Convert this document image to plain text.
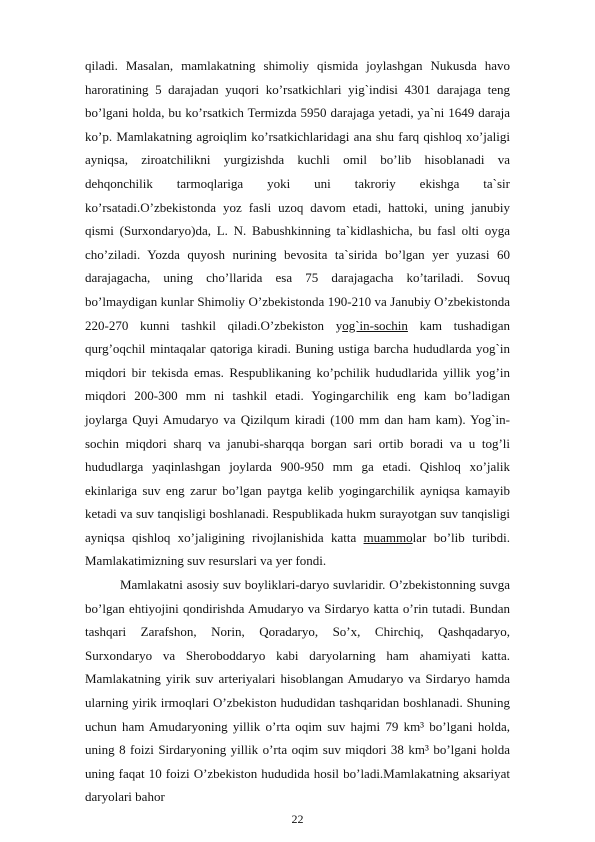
qiladi. Masalan, mamlakatning shimoliy qismida joylashgan Nukusda havo haroratining 5 darajadan yuqori ko’rsatkichlari yig`indisi 4301 darajaga teng bo’lgani holda, bu ko’rsatkich Termizda 5950 darajaga yetadi, ya`ni 1649 daraja ko’p. Mamlakatning agroiqlim ko’rsatkichlaridagi ana shu farq qishloq xo’jaligi ayniqsa, ziroatchilikni yurgizishda kuchli omil bo’lib hisoblanadi va dehqonchilik tarmoqlariga yoki uni takroriy ekishga ta`sir ko’rsatadi.O’zbekistonda yoz fasli uzoq davom etadi, hattoki, uning janubiy qismi (Surxondaryo)da, L. N. Babushkinning ta`kidlashicha, bu fasl olti oyga cho’ziladi. Yozda quyosh nurining bevosita ta`sirida bo’lgan yer yuzasi 60 darajagacha, uning cho’llarida esa 75 darajagacha ko’tariladi. Sovuq bo’lmaydigan kunlar Shimoliy O’zbekistonda 190-210 va Janubiy O’zbekistonda 220-270 kunni tashkil qiladi.O’zbekiston yog`in-sochin kam tushadigan qurg’oqchil mintaqalar qatoriga kiradi. Buning ustiga barcha hududlarda yog`in miqdori bir tekisda emas. Respublikaning ko’pchilik hududlarida yillik yog’in miqdori 200-300 mm ni tashkil etadi. Yogingarchilik eng kam bo’ladigan joylarga Quyi Amudaryo va Qizilqum kiradi (100 mm dan ham kam). Yog`in-sochin miqdori sharq va janubi-sharqqa borgan sari ortib boradi va u tog’li hududlarga yaqinlashgan joylarda 900-950 mm ga etadi. Qishloq xo’jalik ekinlariga suv eng zarur bo’lgan paytga kelib yogingarchilik ayniqsa kamayib ketadi va suv tanqisligi boshlanadi. Respublikada hukm surayotgan suv tanqisligi ayniqsa qishloq xo’jaligining rivojlanishida katta muammolar bo’lib turibdi. Mamlakatimizning suv resurslari va yer fondi.

Mamlakatni asosiy suv boyliklari-daryo suvlaridir. O’zbekistonning suvga bo’lgan ehtiyojini qondirishda Amudaryo va Sirdaryo katta o’rin tutadi. Bundan tashqari Zarafshon, Norin, Qoradaryo, So’x, Chirchiq, Qashqadaryo, Surxondaryo va Sheroboddaryo kabi daryolarning ham ahamiyati katta. Mamlakatning yirik suv arteriyalari hisoblangan Amudaryo va Sirdaryo hamda ularning yirik irmoqlari O’zbekiston hududidan tashqaridan boshlanadi. Shuning uchun ham Amudaryoning yillik o’rta oqim suv hajmi 79 km³ bo’lgani holda, uning 8 foizi Sirdaryoning yillik o’rta oqim suv miqdori 38 km³ bo’lgani holda uning faqat 10 foizi O’zbekiston hududida hosil bo’ladi.Mamlakatning aksariyat daryolari bahor

22
